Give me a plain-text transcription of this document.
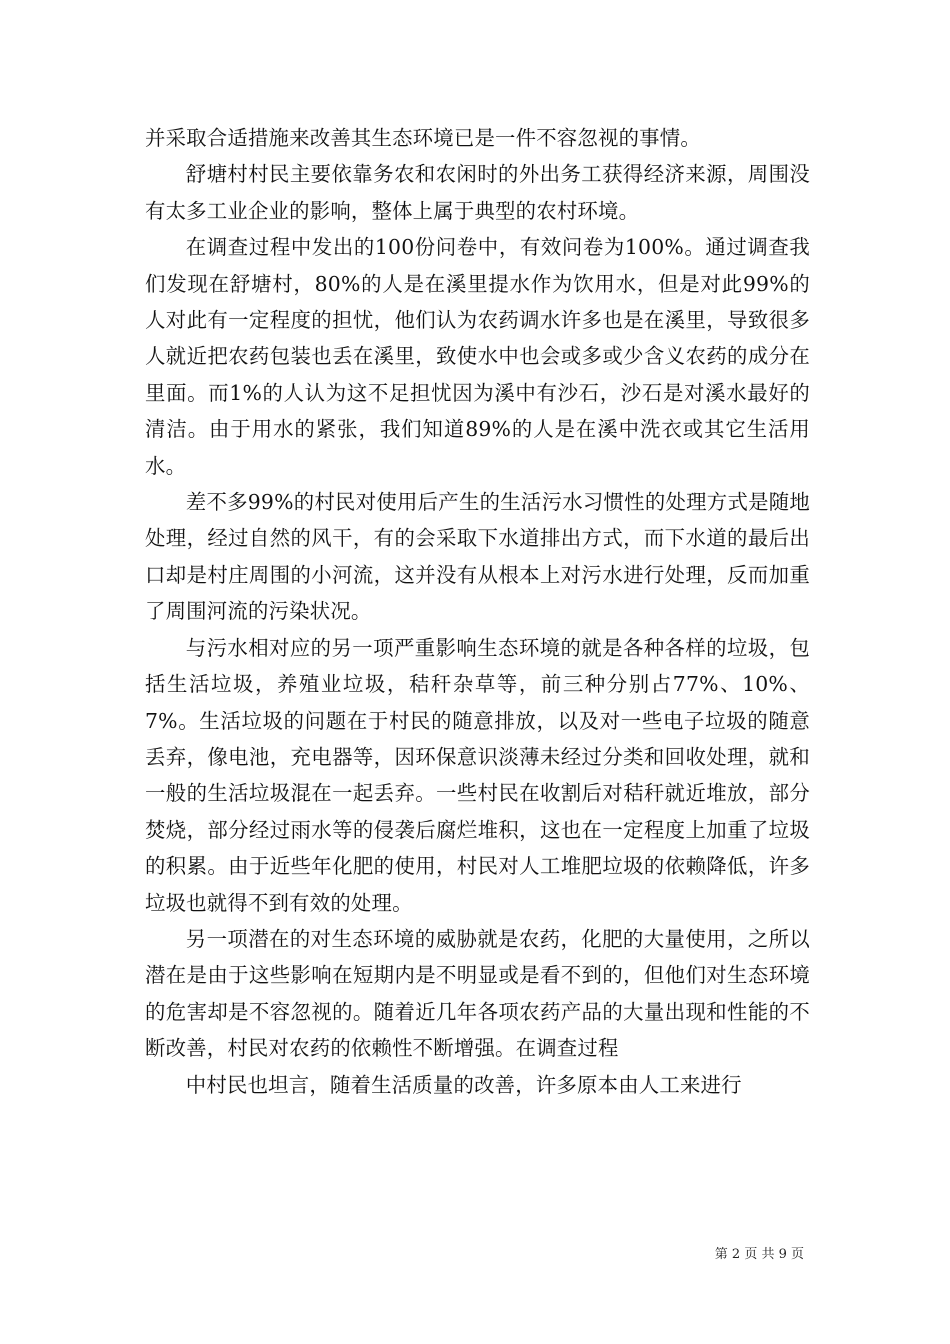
并采取合适措施来改善其生态环境已是一件不容忽视的事情。

舒塘村村民主要依靠务农和农闲时的外出务工获得经济来源，周围没有太多工业企业的影响，整体上属于典型的农村环境。

在调查过程中发出的100份问卷中，有效问卷为100%。通过调查我们发现在舒塘村，80%的人是在溪里提水作为饮用水，但是对此99%的人对此有一定程度的担忧，他们认为农药调水许多也是在溪里，导致很多人就近把农药包装也丢在溪里，致使水中也会或多或少含义农药的成分在里面。而1%的人认为这不足担忧因为溪中有沙石，沙石是对溪水最好的清洁。由于用水的紧张，我们知道89%的人是在溪中洗衣或其它生活用水。

差不多99%的村民对使用后产生的生活污水习惯性的处理方式是随地处理，经过自然的风干，有的会采取下水道排出方式，而下水道的最后出口却是村庄周围的小河流，这并没有从根本上对污水进行处理，反而加重了周围河流的污染状况。

与污水相对应的另一项严重影响生态环境的就是各种各样的垃圾，包括生活垃圾，养殖业垃圾，秸秆杂草等，前三种分别占77%、10%、7%。生活垃圾的问题在于村民的随意排放，以及对一些电子垃圾的随意丢弃，像电池，充电器等，因环保意识淡薄未经过分类和回收处理，就和一般的生活垃圾混在一起丢弃。一些村民在收割后对秸秆就近堆放，部分焚烧，部分经过雨水等的侵袭后腐烂堆积，这也在一定程度上加重了垃圾的积累。由于近些年化肥的使用，村民对人工堆肥垃圾的依赖降低，许多垃圾也就得不到有效的处理。

另一项潜在的对生态环境的威胁就是农药，化肥的大量使用，之所以潜在是由于这些影响在短期内是不明显或是看不到的，但他们对生态环境的危害却是不容忽视的。随着近几年各项农药产品的大量出现和性能的不断改善，村民对农药的依赖性不断增强。在调查过程

中村民也坦言，随着生活质量的改善，许多原本由人工来进行

第 2 页 共 9 页
